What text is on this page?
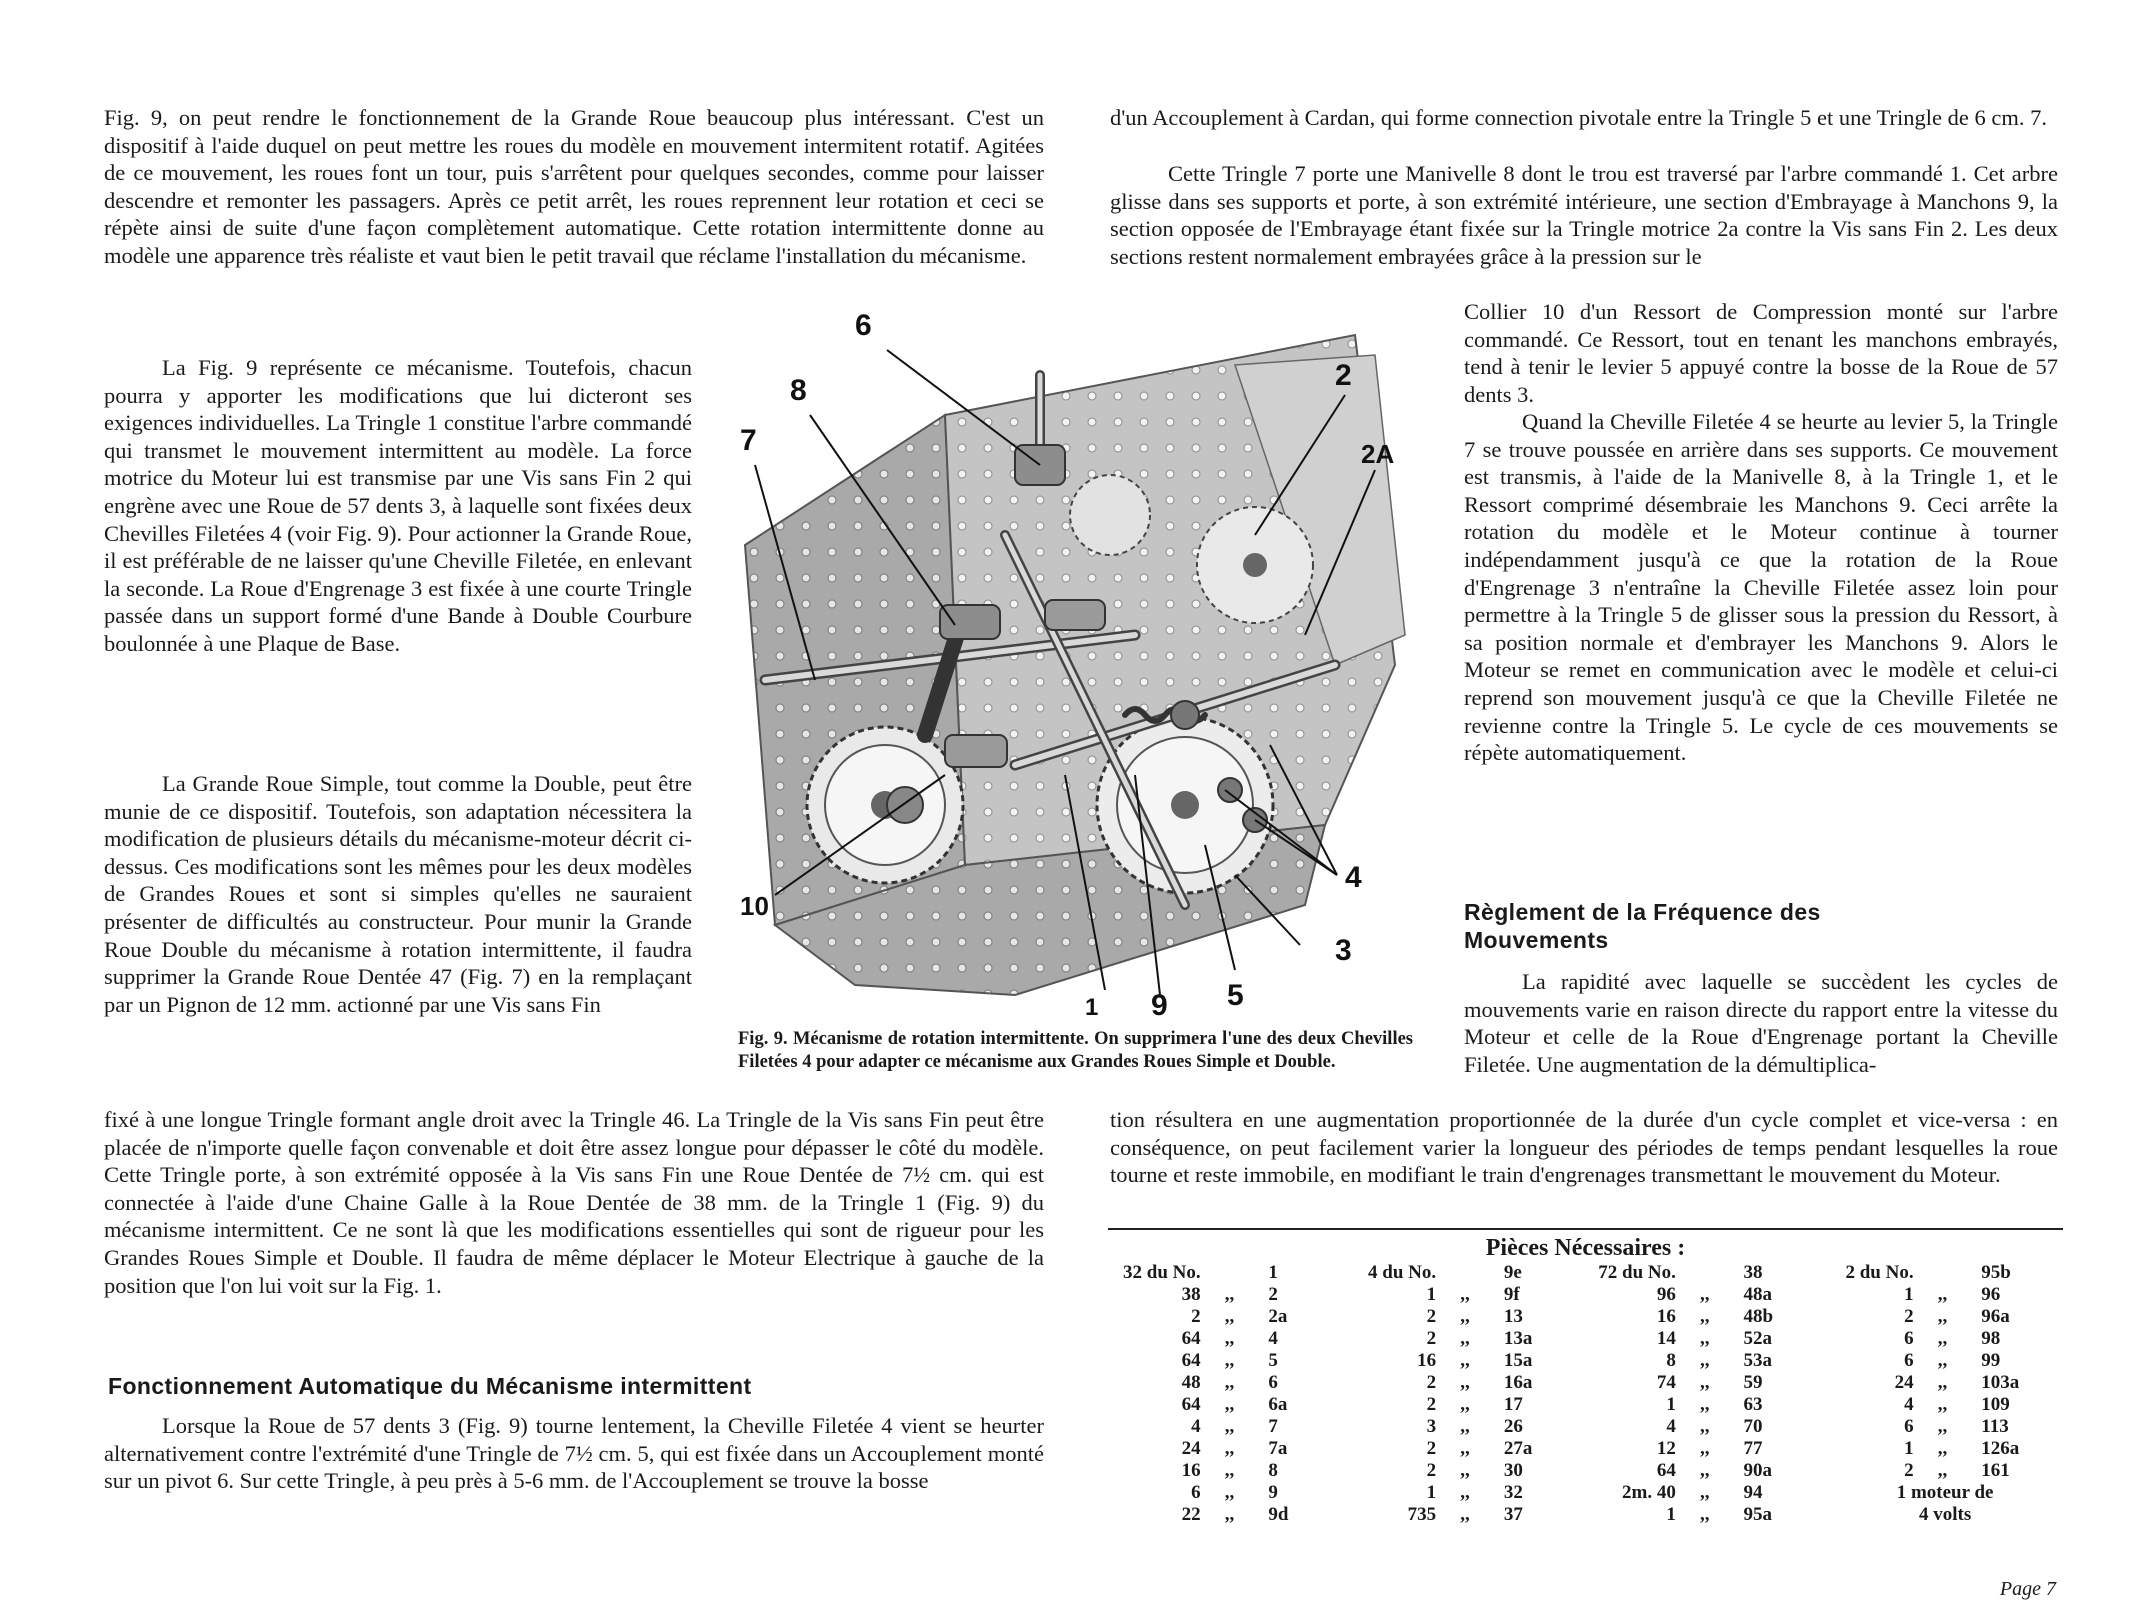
Fig. 9, on peut rendre le fonctionnement de la Grande Roue beaucoup plus intéressant. C'est un dispositif à l'aide duquel on peut mettre les roues du modèle en mouvement intermitent rotatif. Agitées de ce mouvement, les roues font un tour, puis s'arrêtent pour quelques secondes, comme pour laisser descendre et remonter les passagers. Après ce petit arrêt, les roues reprennent leur rotation et ceci se répète ainsi de suite d'une façon complètement automatique. Cette rotation intermittente donne au modèle une apparence très réaliste et vaut bien le petit travail que réclame l'installation du mécanisme.

La Fig. 9 représente ce mécanisme. Toutefois, chacun pourra y apporter les modifications que lui dicteront ses exigences individuelles. La Tringle 1 constitue l'arbre commandé qui transmet le mouvement intermittent au modèle. La force motrice du Moteur lui est transmise par une Vis sans Fin 2 qui engrène avec une Roue de 57 dents 3, à laquelle sont fixées deux Chevilles Filetées 4 (voir Fig. 9). Pour actionner la Grande Roue, il est préférable de ne laisser qu'une Cheville Filetée, en enlevant la seconde. La Roue d'Engrenage 3 est fixée à une courte Tringle passée dans un support formé d'une Bande à Double Courbure boulonnée à une Plaque de Base.

La Grande Roue Simple, tout comme la Double, peut être munie de ce dispositif. Toutefois, son adaptation nécessitera la modification de plusieurs détails du mécanisme-moteur décrit ci-dessus. Ces modifications sont les mêmes pour les deux modèles de Grandes Roues et sont si simples qu'elles ne sauraient présenter de difficultés au constructeur. Pour munir la Grande Roue Double du mécanisme à rotation intermittente, il faudra supprimer la Grande Roue Dentée 47 (Fig. 7) en la remplaçant par un Pignon de 12 mm. actionné par une Vis sans Fin

fixé à une longue Tringle formant angle droit avec la Tringle 46. La Tringle de la Vis sans Fin peut être placée de n'importe quelle façon convenable et doit être assez longue pour dépasser le côté du modèle. Cette Tringle porte, à son extrémité opposée à la Vis sans Fin une Roue Dentée de 7½ cm. qui est connectée à l'aide d'une Chaine Galle à la Roue Dentée de 38 mm. de la Tringle 1 (Fig. 9) du mécanisme intermittent. Ce ne sont là que les modifications essentielles qui sont de rigueur pour les Grandes Roues Simple et Double. Il faudra de même déplacer le Moteur Electrique à gauche de la position que l'on lui voit sur la Fig. 1.

Fonctionnement Automatique du Mécanisme intermittent

Lorsque la Roue de 57 dents 3 (Fig. 9) tourne lentement, la Cheville Filetée 4 vient se heurter alternativement contre l'extrémité d'une Tringle de 7½ cm. 5, qui est fixée dans un Accouplement monté sur un pivot 6. Sur cette Tringle, à peu près à 5-6 mm. de l'Accouplement se trouve la bosse

d'un Accouplement à Cardan, qui forme connection pivotale entre la Tringle 5 et une Tringle de 6 cm. 7.

Cette Tringle 7 porte une Manivelle 8 dont le trou est traversé par l'arbre commandé 1. Cet arbre glisse dans ses supports et porte, à son extrémité intérieure, une section d'Embrayage à Manchons 9, la section opposée de l'Embrayage étant fixée sur la Tringle motrice 2a contre la Vis sans Fin 2. Les deux sections restent normalement embrayées grâce à la pression sur le

Collier 10 d'un Ressort de Compression monté sur l'arbre commandé. Ce Ressort, tout en tenant les manchons embrayés, tend à tenir le levier 5 appuyé contre la bosse de la Roue de 57 dents 3.

Quand la Cheville Filetée 4 se heurte au levier 5, la Tringle 7 se trouve poussée en arrière dans ses supports. Ce mouvement est transmis, à l'aide de la Manivelle 8, à la Tringle 1, et le Ressort comprimé désembraie les Manchons 9. Ceci arrête la rotation du modèle et le Moteur continue à tourner indépendamment jusqu'à ce que la rotation de la Roue d'Engrenage 3 n'entraîne la Cheville Filetée assez loin pour permettre à la Tringle 5 de glisser sous la pression du Ressort, à sa position normale et d'embrayer les Manchons 9. Alors le Moteur se remet en communication avec le modèle et celui-ci reprend son mouvement jusqu'à ce que la Cheville Filetée ne revienne contre la Tringle 5. Le cycle de ces mouvements se répète automatiquement.

Règlement de la Fréquence des
Mouvements

La rapidité avec laquelle se succèdent les cycles de mouvements varie en raison directe du rapport entre la vitesse du Moteur et celle de la Roue d'Engrenage portant la Cheville Filetée. Une augmentation de la démultiplica-

tion résultera en une augmentation proportionnée de la durée d'un cycle complet et vice-versa : en conséquence, on peut facilement varier la longueur des périodes de temps pendant lesquelles la roue tourne et reste immobile, en modifiant le train d'engrenages transmettant le mouvement du Moteur.

6
8
7
2
2A
10
1 9 5
3
4

Fig. 9. Mécanisme de rotation intermittente. On supprimera l'une des deux Chevilles Filetées 4 pour adapter ce mécanisme aux Grandes Roues Simple et Double.

Pièces Nécessaires :
32 du No.		1	4 du No.		9e	72 du No.		38	2 du No.		95b
38	,,	2	1	,,	9f	96	,,	48a	1	,,	96
2	,,	2a	2	,,	13	16	,,	48b	2	,,	96a
64	,,	4	2	,,	13a	14	,,	52a	6	,,	98
64	,,	5	16	,,	15a	8	,,	53a	6	,,	99
48	,,	6	2	,,	16a	74	,,	59	24	,,	103a
64	,,	6a	2	,,	17	1	,,	63	4	,,	109
4	,,	7	3	,,	26	4	,,	70	6	,,	113
24	,,	7a	2	,,	27a	12	,,	77	1	,,	126a
16	,,	8	2	,,	30	64	,,	90a	2	,,	161
6	,,	9	1	,,	32	2m. 40	,,	94	1 moteur de		
22	,,	9d	735	,,	37	1	,,	95a	4 volts		
Page 7
